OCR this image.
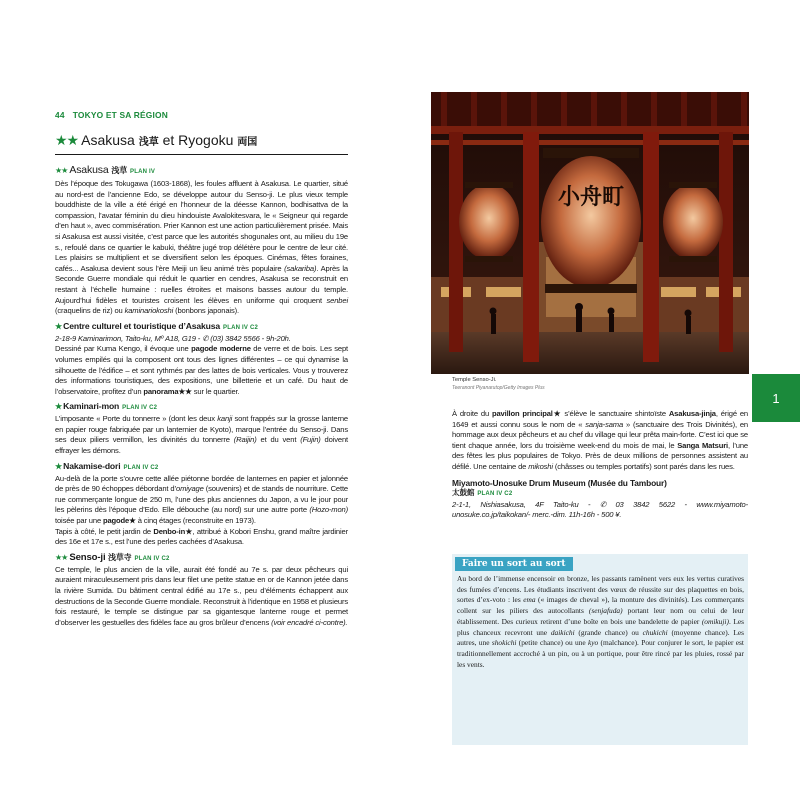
44 TOKYO ET SA RÉGION
★★ Asakusa 浅草 et Ryogoku 両国
★★ Asakusa 浅草 PLAN IV

Dès l’époque des Tokugawa (1603-1868), les foules affluent à Asakusa. Le quartier, situé au nord-est de l’ancienne Edo, se développe autour du Senso-ji. Le plus vieux temple bouddhiste de la ville a été érigé en l’honneur de la déesse Kannon, bodhisattva de la compassion, l’avatar féminin du dieu hindouiste Avalokitesvara, le « Seigneur qui regarde d’en haut », avec commisération. Prier Kannon est une action particulièrement prisée. Mais si Asakusa est aussi visitée, c’est parce que les autorités shogunales ont, au milieu du 19e s., refoulé dans ce quartier le kabuki, théâtre jugé trop délétère pour le centre de leur cité. Les plaisirs se multiplient et se diversifient selon les époques. Cinémas, fêtes foraines, cafés... Asakusa devient sous l’ère Meiji un lieu animé très populaire (sakariba). Après la Seconde Guerre mondiale qui réduit le quartier en cendres, Asakusa se reconstruit en restant à l’échelle humaine : ruelles étroites et maisons basses autour du temple. Aujourd’hui fidèles et touristes croisent les élèves en uniforme qui croquent senbei (craquelins de riz) ou kaminariokoshi (bonbons japonais).

★ Centre culturel et touristique d’Asakusa PLAN IV C2

2-18-9 Kaminarimon, Taito-ku, Mº A18, G19 - ✆ (03) 3842 5566 - 9h-20h.

Dessiné par Kuma Kengo, il évoque une pagode moderne de verre et de bois. Les sept volumes empilés qui la composent ont tous des lignes différentes – ce qui dynamise la silhouette de l’édifice – et sont rythmés par des lattes de bois verticales. Vous y trouverez des informations touristiques, des expositions, une billetterie et un café. Du haut de l’observatoire, profitez d’un panorama★★ sur le quartier.

★ Kaminari-mon PLAN IV C2

L’imposante « Porte du tonnerre » (dont les deux kanji sont frappés sur la grosse lanterne en papier rouge fabriquée par un lanternier de Kyoto), marque l’entrée du Senso-ji. Dans ses deux piliers vermillon, les divinités du tonnerre (Raijin) et du vent (Fujin) doivent effrayer les démons.

★ Nakamise-dori PLAN IV C2

Au-delà de la porte s’ouvre cette allée piétonne bordée de lanternes en papier et jalonnée de près de 90 échoppes débordant d’omiyage (souvenirs) et de stands de nourriture. Cette rue commerçante longue de 250 m, l’une des plus anciennes du Japon, a vu le jour pour les pèlerins dès l’époque d’Edo. Elle débouche (au nord) sur une autre porte (Hozo-mon) toisée par une pagode★ à cinq étages (reconstruite en 1973).

Tapis à côté, le petit jardin de Denbo-in★, attribué à Kobori Enshu, grand maître jardinier des 16e et 17e s., est l’une des perles cachées d’Asakusa.

★★ Senso-ji 浅草寺 PLAN IV C2

Ce temple, le plus ancien de la ville, aurait été fondé au 7e s. par deux pêcheurs qui auraient miraculeusement pris dans leur filet une petite statue en or de Kannon jetée dans la rivière Sumida. Du bâtiment central édifié au 17e s., peu d’éléments échappent aux destructions de la Seconde Guerre mondiale. Reconstruit à l’identique en 1958 et plusieurs fois restauré, le temple se distingue par sa gigantesque lanterne rouge et permet d’observer les gestuelles des fidèles face au gros brûleur d’encens (voir encadré ci-contre).

小舟町
Temple Senso-Ji.
Teeranont Piyanarutop/Getty Images Plus
1

À droite du pavillon principal★ s’élève le sanctuaire shintoïste Asakusa-jinja, érigé en 1649 et aussi connu sous le nom de « sanja-sama » (sanctuaire des Trois Divinités), en hommage aux deux pêcheurs et au chef du village qui leur prêta main-forte. C’est ici que se tient chaque année, lors du troisième week-end du mois de mai, le Sanga Matsuri, l’une des fêtes les plus populaires de Tokyo. Près de deux millions de personnes assistent au défilé. Une centaine de mikoshi (châsses ou temples portatifs) sont parés dans les rues.

Miyamoto-Unosuke Drum Museum (Musée du Tambour)
太鼓館 PLAN IV C2

2-1-1, Nishiasakusa, 4F Taito-ku - ✆ 03 3842 5622 - www.miyamoto-unosuke.co.jp/taikokan/- merc.-dim. 11h-16h - 500 ¥.

Faire un sort au sort
Au bord de l’immense encensoir en bronze, les passants ramènent vers eux les vertus curatives des fumées d’encens. Les étudiants inscrivent des vœux de réussite sur des plaquettes en bois, sortes d’ex-voto : les ema (« images de cheval »), la monture des divinités). Les commerçants collent sur les piliers des autocollants (senjafuda) portant leur nom ou celui de leur établissement. Des curieux retirent d’une boîte en bois une bandelette de papier (omikuji). Les plus chanceux recevront une daikichi (grande chance) ou chukichi (moyenne chance). Les autres, une shokichi (petite chance) ou une kyo (malchance). Pour conjurer le sort, le papier est traditionnellement accroché à un pin, ou à un portique, pour être rincé par les pluies, rossé par les vents.
